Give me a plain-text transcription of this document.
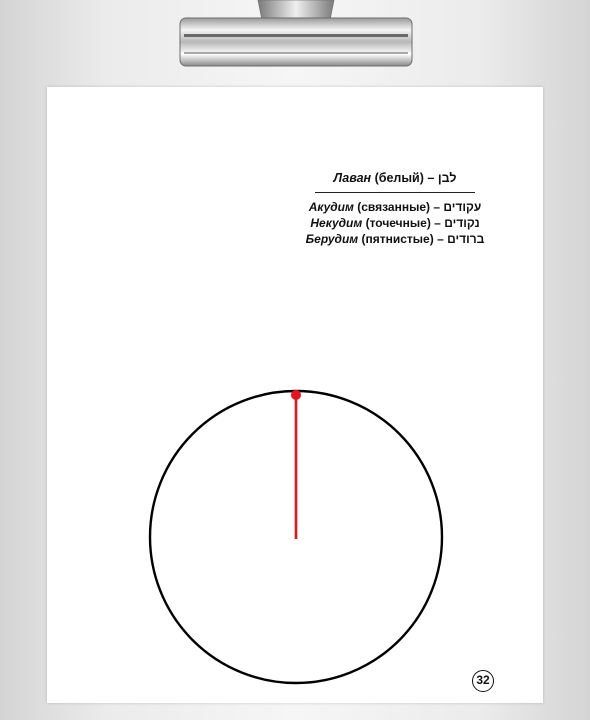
Лаван (белый) – לבן
Акудим (связанные) – עקודים
Некудим (точечные) – נקודים
Берудим (пятнистые) – ברודים
32
